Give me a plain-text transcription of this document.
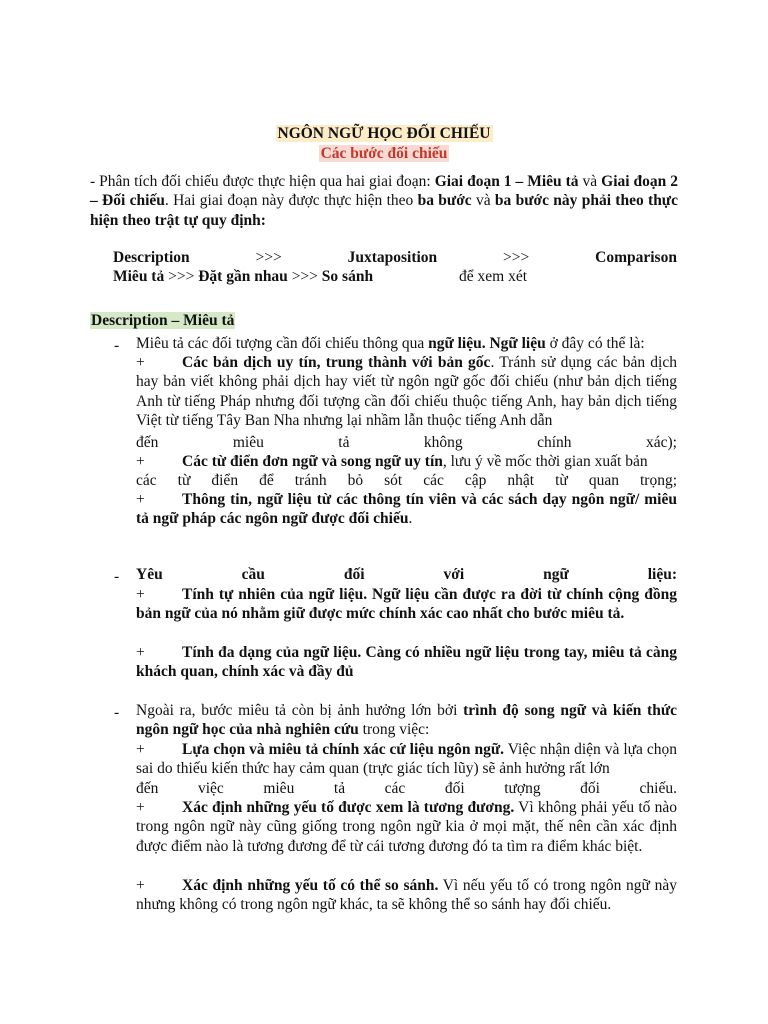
NGÔN NGỮ HỌC ĐỐI CHIẾU
Các bước đối chiếu
- Phân tích đối chiếu được thực hiện qua hai giai đoạn: Giai đoạn 1 – Miêu tả và Giai đoạn 2 – Đối chiếu. Hai giai đoạn này được thực hiện theo ba bước và ba bước này phải theo thực hiện theo trật tự quy định:
Description	>>>	Juxtaposition	>>>	Comparison
Miêu tả >>> Đặt gần nhau >>> So sánh	để xem xét
Description – Miêu tả
- Miêu tả các đối tượng cần đối chiếu thông qua ngữ liệu. Ngữ liệu ở đây có thể là:
+ Các bản dịch uy tín, trung thành với bản gốc. Tránh sử dụng các bản dịch hay bản viết không phải dịch hay viết từ ngôn ngữ gốc đối chiếu (như bản dịch tiếng Anh từ tiếng Pháp nhưng đối tượng cần đối chiếu thuộc tiếng Anh, hay bản dịch tiếng Việt từ tiếng Tây Ban Nha nhưng lại nhầm lẫn thuộc tiếng Anh dẫn
đến miêu tả không chính xác);
+ Các từ điển đơn ngữ và song ngữ uy tín, lưu ý về mốc thời gian xuất bản
các từ điển để tránh bỏ sót các cập nhật từ quan trọng;
+ Thông tin, ngữ liệu từ các thông tín viên và các sách dạy ngôn ngữ/ miêu tả ngữ pháp các ngôn ngữ được đối chiếu.
- Yêu cầu đối với ngữ liệu:
+ Tính tự nhiên của ngữ liệu. Ngữ liệu cần được ra đời từ chính cộng đồng bản ngữ của nó nhằm giữ được mức chính xác cao nhất cho bước miêu tả.
+ Tính đa dạng của ngữ liệu. Càng có nhiều ngữ liệu trong tay, miêu tả càng khách quan, chính xác và đầy đủ
- Ngoài ra, bước miêu tả còn bị ảnh hưởng lớn bởi trình độ song ngữ và kiến thức ngôn ngữ học của nhà nghiên cứu trong việc:
+ Lựa chọn và miêu tả chính xác cứ liệu ngôn ngữ. Việc nhận diện và lựa chọn sai do thiếu kiến thức hay cảm quan (trực giác tích lũy) sẽ ảnh hưởng rất lớn
đến việc miêu tả các đối tượng đối chiếu.
+ Xác định những yếu tố được xem là tương đương. Vì không phải yếu tố nào trong ngôn ngữ này cũng giống trong ngôn ngữ kia ở mọi mặt, thế nên cần xác định được điểm nào là tương đương để từ cái tương đương đó ta tìm ra điểm khác biệt.
+ Xác định những yếu tố có thể so sánh. Vì nếu yếu tố có trong ngôn ngữ này nhưng không có trong ngôn ngữ khác, ta sẽ không thể so sánh hay đối chiếu.
